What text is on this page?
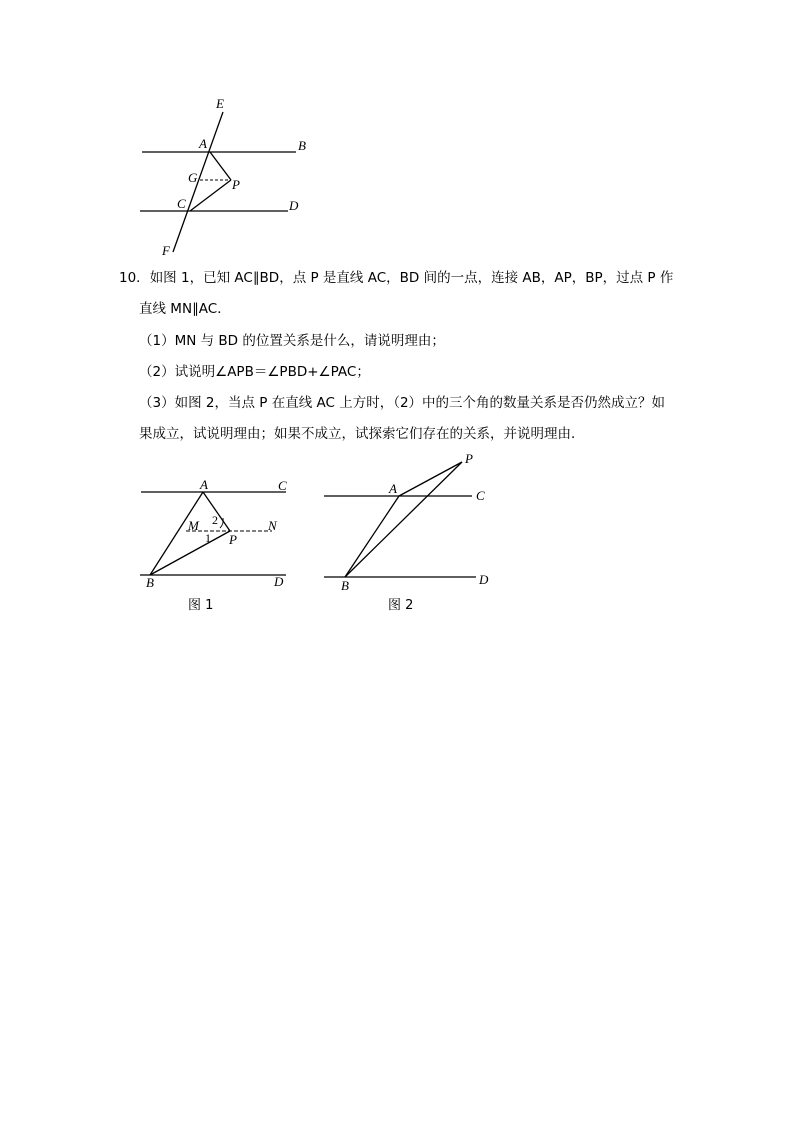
E
A	B
G	P
C	D
F
10．如图 1，已知 AC∥BD，点 P 是直线 AC，BD 间的一点，连接 AB，AP，BP，过点 P 作
直线 MN∥AC．
（1）MN 与 BD 的位置关系是什么，请说明理由；
（2）试说明∠APB＝∠PBD+∠PAC；
（3）如图 2，当点 P 在直线 AC 上方时，（2）中的三个角的数量关系是否仍然成立？如
果成立，试说明理由；如果不成立，试探索它们存在的关系，并说明理由．
A	C
M 2
1 P
N
B	D
图 1
P
A	C
B	D
图 2
